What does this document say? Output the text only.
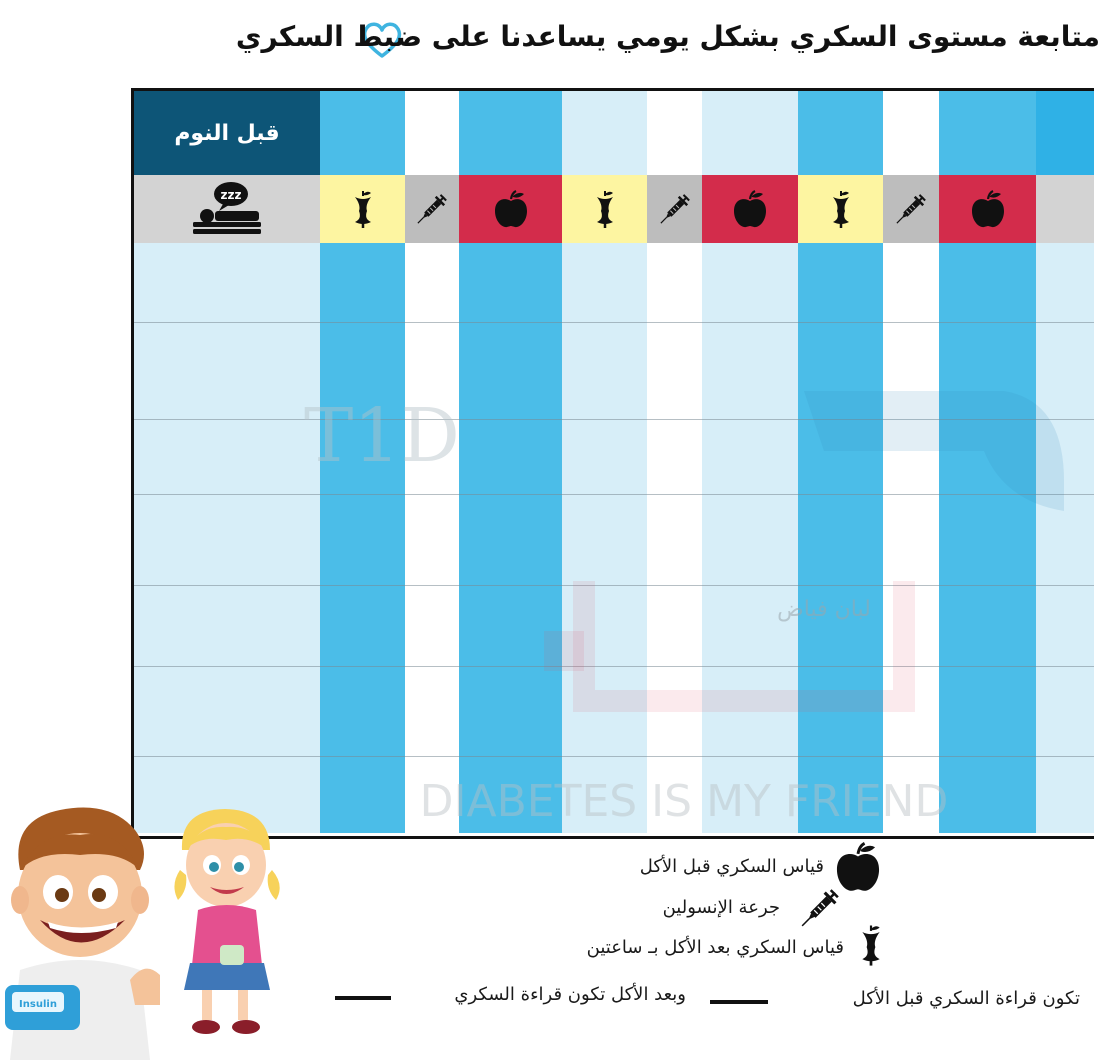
متابعة مستوى السكري بشكل يومي يساعدنا على ضبط السكري
قبل النوم
zzz
T1D
لبان فياض
DIABETES IS MY FRIEND
قياس السكري قبل الأكل
جرعة الإنسولين
قياس السكري بعد الأكل بـ ساعتين
تكون قراءة السكري قبل الأكل
وبعد الأكل تكون قراءة السكري
Insulin
